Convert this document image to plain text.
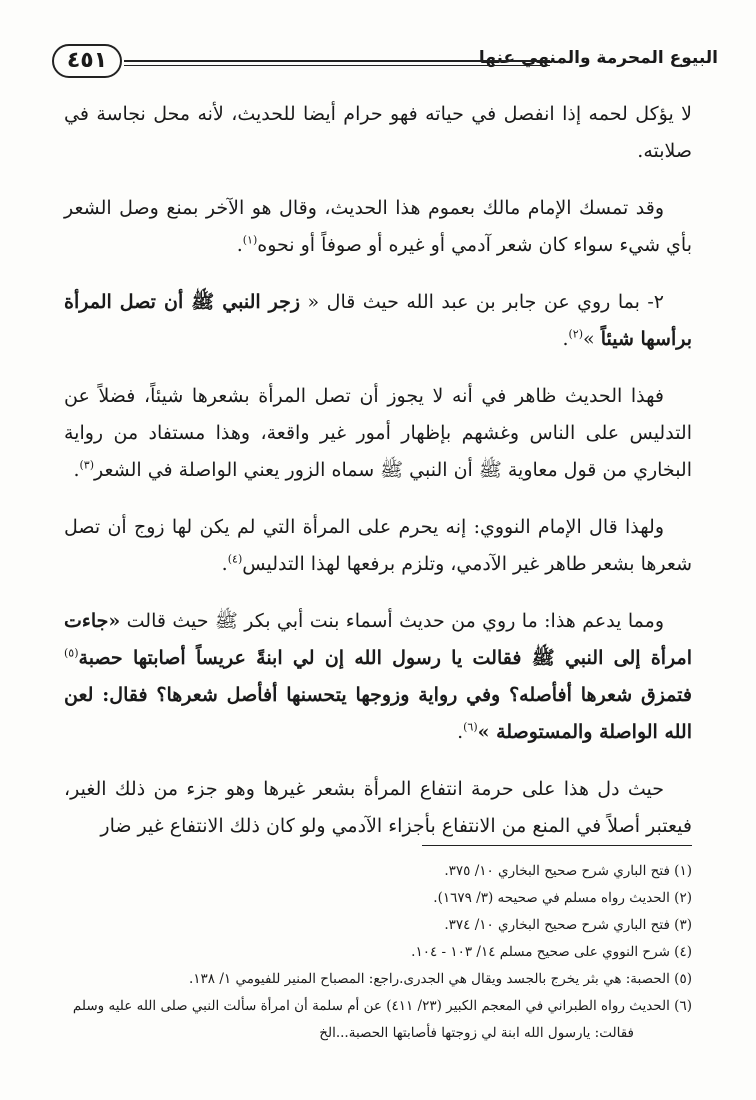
البيوع المحرمة والمنهي عنها
٤٥١

لا يؤكل لحمه إذا انفصل في حياته فهو حرام أيضا للحديث، لأنه محل نجاسة في صلابته.

وقد تمسك الإمام مالك بعموم هذا الحديث، وقال هو الآخر بمنع وصل الشعر بأي شيء سواء كان شعر آدمي أو غيره أو صوفاً أو نحوه$^{(١)}$.

٢- بما روي عن جابر بن عبد الله حيث قال « زجر النبي ﷺ أن تصل المرأة برأسها شيئاً »$^{(٢)}$.

فهذا الحديث ظاهر في أنه لا يجوز أن تصل المرأة بشعرها شيئاً، فضلاً عن التدليس على الناس وغشهم بإظهار أمور غير واقعة، وهذا مستفاد من رواية البخاري من قول معاوية ﷺ أن النبي ﷺ سماه الزور يعني الواصلة في الشعر$^{(٣)}$.

ولهذا قال الإمام النووي: إنه يحرم على المرأة التي لم يكن لها زوج أن تصل شعرها بشعر طاهر غير الآدمي، وتلزم برفعها لهذا التدليس$^{(٤)}$.

ومما يدعم هذا: ما روي من حديث أسماء بنت أبي بكر ﷺ حيث قالت «جاءت امرأة إلى النبي ﷺ فقالت يا رسول الله إن لي ابنةً عريساً أصابتها حصبة$^{(٥)}$ فتمزق شعرها أفأصله؟ وفي رواية وزوجها يتحسنها أفأصل شعرها؟ فقال: لعن الله الواصلة والمستوصلة »$^{(٦)}$.

حيث دل هذا على حرمة انتفاع المرأة بشعر غيرها وهو جزء من ذلك الغير، فيعتبر أصلاً في المنع من الانتفاع بأجزاء الآدمي ولو كان ذلك الانتفاع غير ضار

(١) فتح الباري شرح صحيح البخاري ١٠/ ٣٧٥.
(٢) الحديث رواه مسلم في صحيحه (٣/ ١٦٧٩).
(٣) فتح الباري شرح صحيح البخاري ١٠/ ٣٧٤.
(٤) شرح النووي على صحيح مسلم ١٤/ ١٠٣ - ١٠٤.
(٥) الحصبة: هي بثر يخرج بالجسد ويقال هي الجدرى.راجع: المصباح المنير للفيومي ١/ ١٣٨.
(٦) الحديث رواه الطبراني في المعجم الكبير (٢٣/ ٤١١) عن أم سلمة أن امرأة سألت النبي صلى الله عليه وسلم
فقالت: يارسول الله ابنة لي زوجتها فأصابتها الحصبة...الخ
